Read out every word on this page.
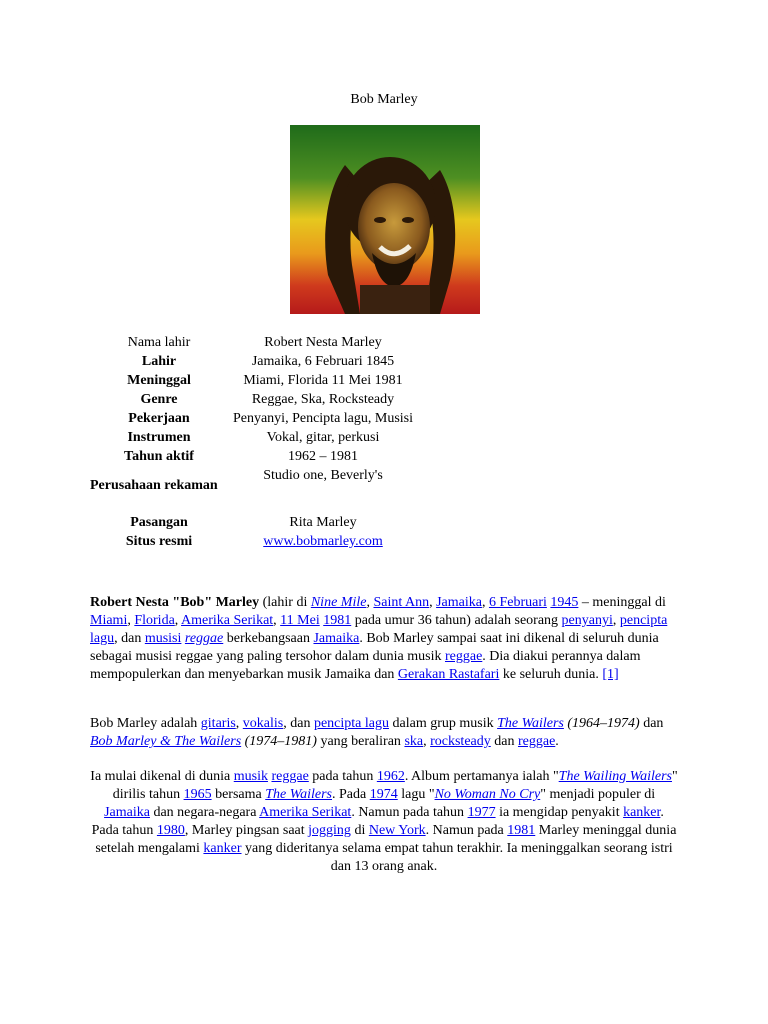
Bob Marley
Nama lahir	Robert Nesta Marley	
Lahir	Jamaika, 6 Februari 1845	
Meninggal	Miami, Florida 11 Mei 1981	
Genre	Reggae, Ska, Rocksteady	
Pekerjaan	Penyanyi, Pencipta lagu, Musisi	
Instrumen	Vokal, gitar, perkusi	
Tahun aktif	1962 – 1981	

Perusahaan rekaman	Studio one, Beverly's	

Pasangan	Rita Marley	
Situs resmi	www.bobmarley.com	
Robert Nesta "Bob" Marley (lahir di Nine Mile, Saint Ann, Jamaika, 6 Februari 1945 – meninggal di Miami, Florida, Amerika Serikat, 11 Mei 1981 pada umur 36 tahun) adalah seorang penyanyi, pencipta lagu, dan musisi reggae berkebangsaan Jamaika. Bob Marley sampai saat ini dikenal di seluruh dunia sebagai musisi reggae yang paling tersohor dalam dunia musik reggae. Dia diakui perannya dalam mempopulerkan dan menyebarkan musik Jamaika dan Gerakan Rastafari ke seluruh dunia. [1]
Bob Marley adalah gitaris, vokalis, dan pencipta lagu dalam grup musik The Wailers (1964–1974) dan Bob Marley & The Wailers (1974–1981) yang beraliran ska, rocksteady dan reggae.
Ia mulai dikenal di dunia musik reggae pada tahun 1962. Album pertamanya ialah "The Wailing Wailers" dirilis tahun 1965 bersama The Wailers. Pada 1974 lagu "No Woman No Cry" menjadi populer di Jamaika dan negara-negara Amerika Serikat. Namun pada tahun 1977 ia mengidap penyakit kanker. Pada tahun 1980, Marley pingsan saat jogging di New York. Namun pada 1981 Marley meninggal dunia setelah mengalami kanker yang dideritanya selama empat tahun terakhir. Ia meninggalkan seorang istri dan 13 orang anak.
